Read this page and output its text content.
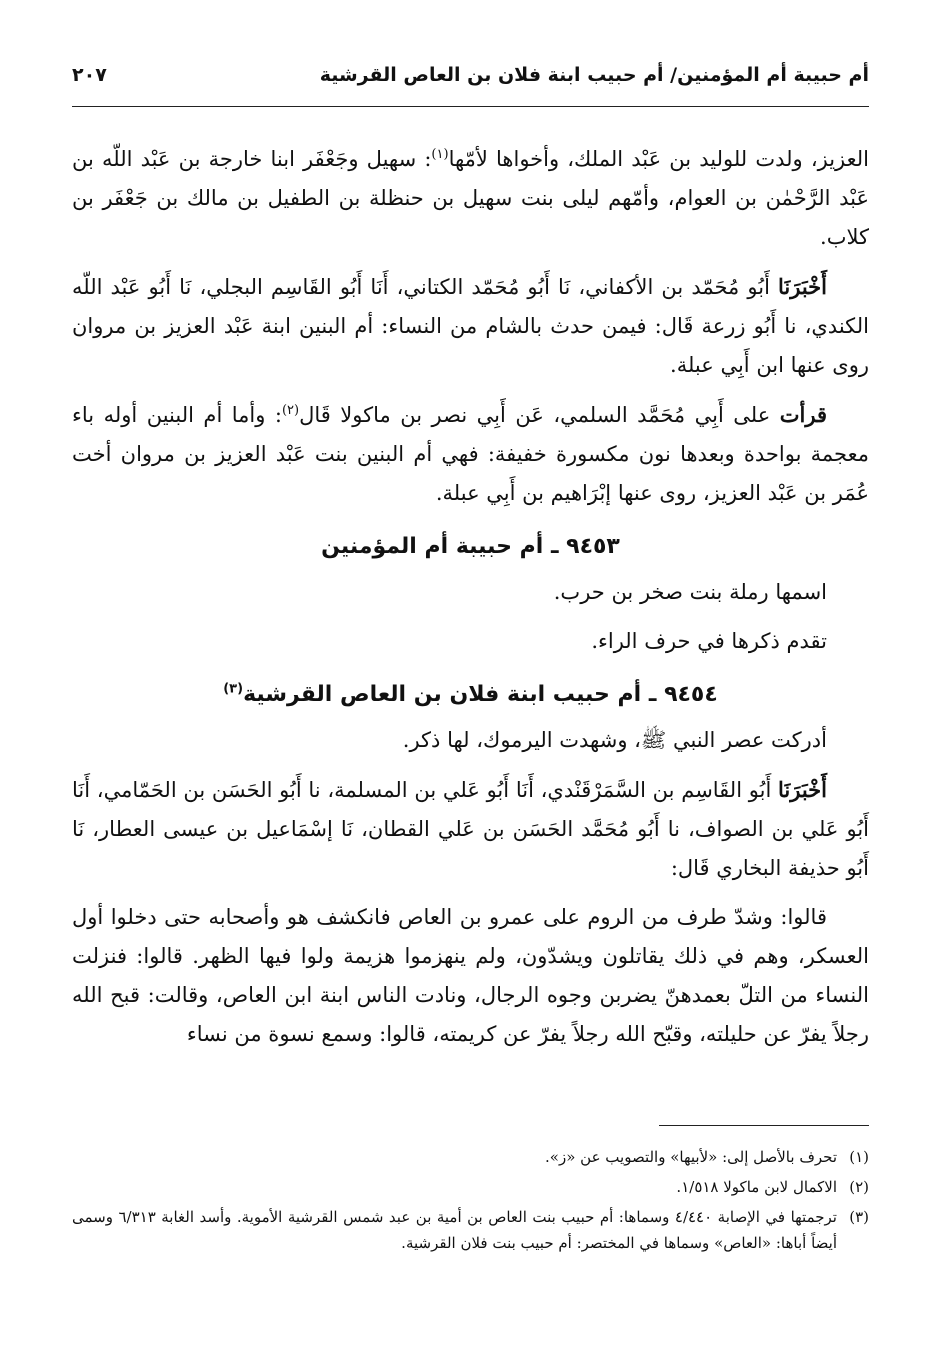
أم حبيبة أم المؤمنين/ أم حبيب ابنة فلان بن العاص القرشية
٢٠٧

العزيز، ولدت للوليد بن عَبْد الملك، وأخواها لأمّها$^{(١)}$: سهيل وجَعْفَر ابنا خارجة بن عَبْد اللّه بن عَبْد الرَّحْمٰن بن العوام، وأمّهم ليلى بنت سهيل بن حنظلة بن الطفيل بن مالك بن جَعْفَر بن كلاب.

أَخْبَرَنَا أَبُو مُحَمّد بن الأكفاني، نَا أَبُو مُحَمّد الكتاني، أَنَا أَبُو القَاسِم البجلي، نَا أَبُو عَبْد اللّه الكندي، نا أَبُو زرعة قَال: فيمن حدث بالشام من النساء: أم البنين ابنة عَبْد العزيز بن مروان روى عنها ابن أَبِي عبلة.

قرأت على أَبِي مُحَمَّد السلمي، عَن أَبِي نصر بن ماكولا قَال$^{(٢)}$: وأما أم البنين أوله باء معجمة بواحدة وبعدها نون مكسورة خفيفة: فهي أم البنين بنت عَبْد العزيز بن مروان أخت عُمَر بن عَبْد العزيز، روى عنها إبْرَاهيم بن أَبِي عبلة.

٩٤٥٣ ـ أم حبيبة أم المؤمنين

اسمها رملة بنت صخر بن حرب.

تقدم ذكرها في حرف الراء.

٩٤٥٤ ـ أم حبيب ابنة فلان بن العاص القرشية$^{(٣)}$

أدركت عصر النبي ﷺ، وشهدت اليرموك، لها ذكر.

أَخْبَرَنَا أَبُو القَاسِم بن السَّمَرْقَنْدي، أَنَا أَبُو عَلي بن المسلمة، نا أَبُو الحَسَن بن الحَمّامي، أَنَا أَبُو عَلي بن الصواف، نا أَبُو مُحَمَّد الحَسَن بن عَلي القطان، نَا إسْمَاعيل بن عيسى العطار، نَا أَبُو حذيفة البخاري قَال:

قالوا: وشدّ طرف من الروم على عمرو بن العاص فانكشف هو وأصحابه حتى دخلوا أول العسكر، وهم في ذلك يقاتلون ويشدّون، ولم ينهزموا هزيمة ولوا فيها الظهر. قالوا: فنزلت النساء من التلّ بعمدهنّ يضربن وجوه الرجال، ونادت الناس ابنة ابن العاص، وقالت: قبح الله رجلاً يفرّ عن حليلته، وقبّح الله رجلاً يفرّ عن كريمته، قالوا: وسمع نسوة من نساء

(١)
تحرف بالأصل إلى: «لأبيها» والتصويب عن «ز».
(٢)
الاكمال لابن ماكولا ١/٥١٨.
(٣)
ترجمتها في الإصابة ٤/٤٤٠ وسماها: أم حبيب بنت العاص بن أمية بن عبد شمس القرشية الأموية. وأسد الغابة ٦/٣١٣ وسمى أيضاً أباها: «العاص» وسماها في المختصر: أم حبيب بنت فلان القرشية.
